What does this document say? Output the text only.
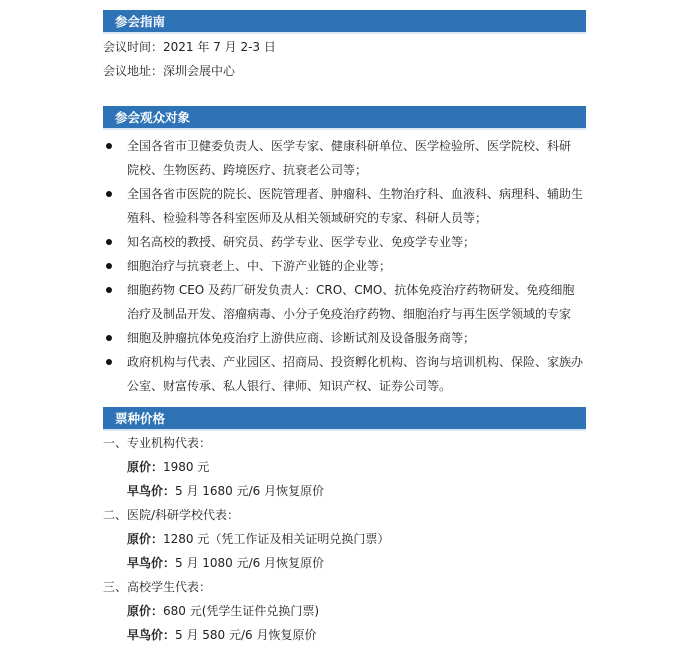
参会指南
会议时间：2021 年 7 月 2-3 日
会议地址：深圳会展中心
参会观众对象
全国各省市卫健委负责人、医学专家、健康科研单位、医学检验所、医学院校、科研
院校、生物医药、跨境医疗、抗衰老公司等；
全国各省市医院的院长、医院管理者、肿瘤科、生物治疗科、血液科、病理科、辅助生
殖科、检验科等各科室医师及从相关领域研究的专家、科研人员等；
知名高校的教授、研究员、药学专业、医学专业、免疫学专业等；
细胞治疗与抗衰老上、中、下游产业链的企业等；
细胞药物 CEO 及药厂研发负责人：CRO、CMO、抗体免疫治疗药物研发、免疫细胞
治疗及制品开发、溶瘤病毒、小分子免疫治疗药物、细胞治疗与再生医学领域的专家
细胞及肿瘤抗体免疫治疗上游供应商、诊断试剂及设备服务商等；
政府机构与代表、产业园区、招商局、投资孵化机构、咨询与培训机构、保险、家族办
公室、财富传承、私人银行、律师、知识产权、证券公司等。
票种价格
一、专业机构代表：
原价：1980 元
早鸟价：5 月 1680 元/6 月恢复原价
二、医院/科研学校代表：
原价：1280 元（凭工作证及相关证明兑换门票）
早鸟价：5 月 1080 元/6 月恢复原价
三、高校学生代表：
原价：680 元(凭学生证件兑换门票)
早鸟价：5 月 580 元/6 月恢复原价
